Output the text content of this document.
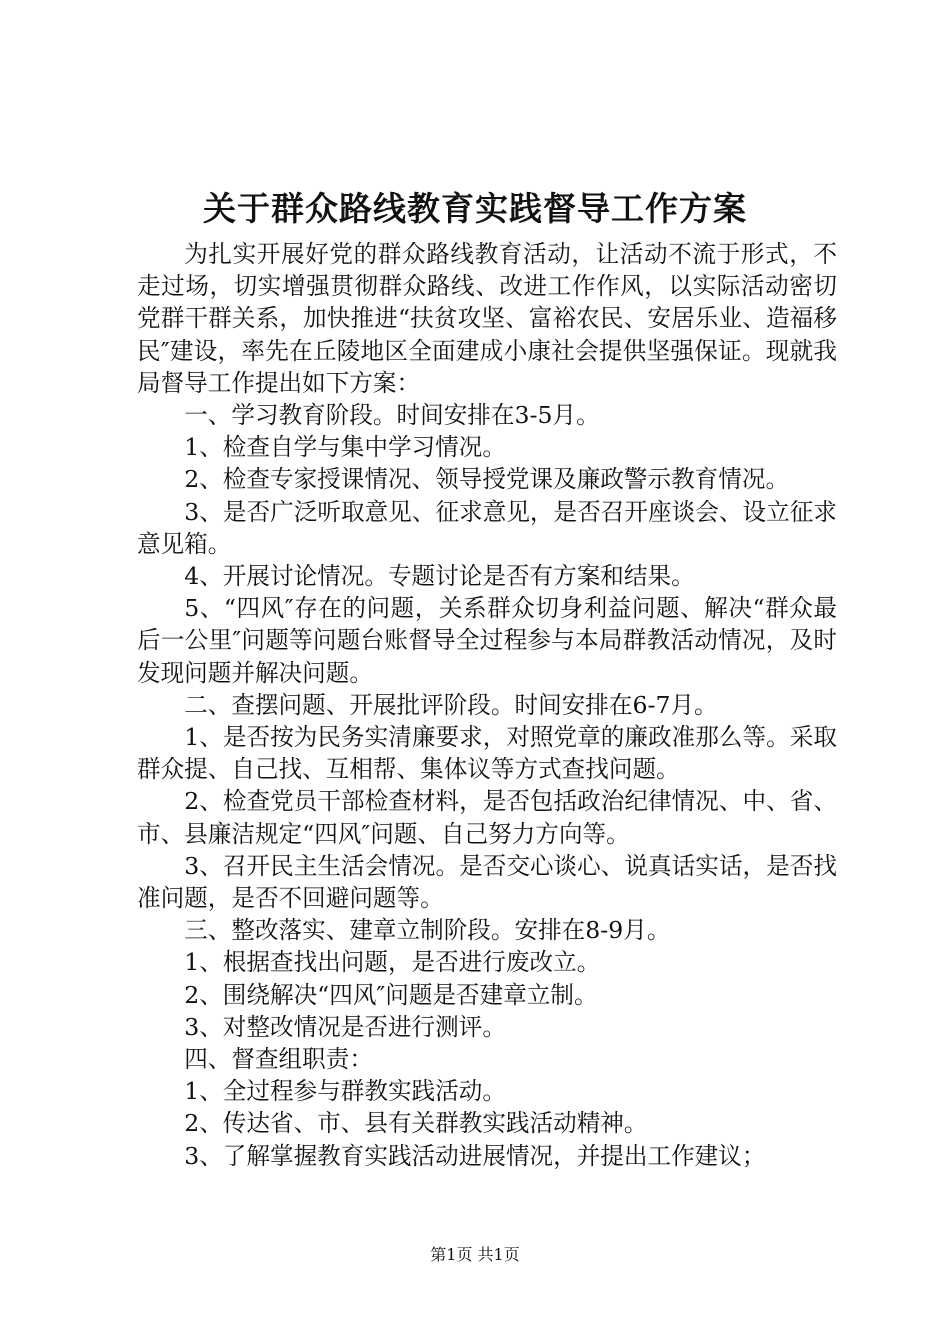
关于群众路线教育实践督导工作方案

为扎实开展好党的群众路线教育活动，让活动不流于形式，不走过场，切实增强贯彻群众路线、改进工作作风，以实际活动密切党群干群关系，加快推进“扶贫攻坚、富裕农民、安居乐业、造福移民″建设，率先在丘陵地区全面建成小康社会提供坚强保证。现就我局督导工作提出如下方案：

一、学习教育阶段。时间安排在3-5月。

1、检查自学与集中学习情况。

2、检查专家授课情况、领导授党课及廉政警示教育情况。

3、是否广泛听取意见、征求意见，是否召开座谈会、设立征求意见箱。

4、开展讨论情况。专题讨论是否有方案和结果。

5、“四风″存在的问题，关系群众切身利益问题、解决“群众最后一公里″问题等问题台账督导全过程参与本局群教活动情况，及时发现问题并解决问题。

二、查摆问题、开展批评阶段。时间安排在6-7月。

1、是否按为民务实清廉要求，对照党章的廉政准那么等。采取群众提、自己找、互相帮、集体议等方式查找问题。

2、检查党员干部检查材料，是否包括政治纪律情况、中、省、市、县廉洁规定“四风″问题、自己努力方向等。

3、召开民主生活会情况。是否交心谈心、说真话实话，是否找准问题，是否不回避问题等。

三、整改落实、建章立制阶段。安排在8-9月。

1、根据查找出问题，是否进行废改立。

2、围绕解决“四风″问题是否建章立制。

3、对整改情况是否进行测评。

四、督查组职责：

1、全过程参与群教实践活动。

2、传达省、市、县有关群教实践活动精神。

3、了解掌握教育实践活动进展情况，并提出工作建议；

第1页 共1页
